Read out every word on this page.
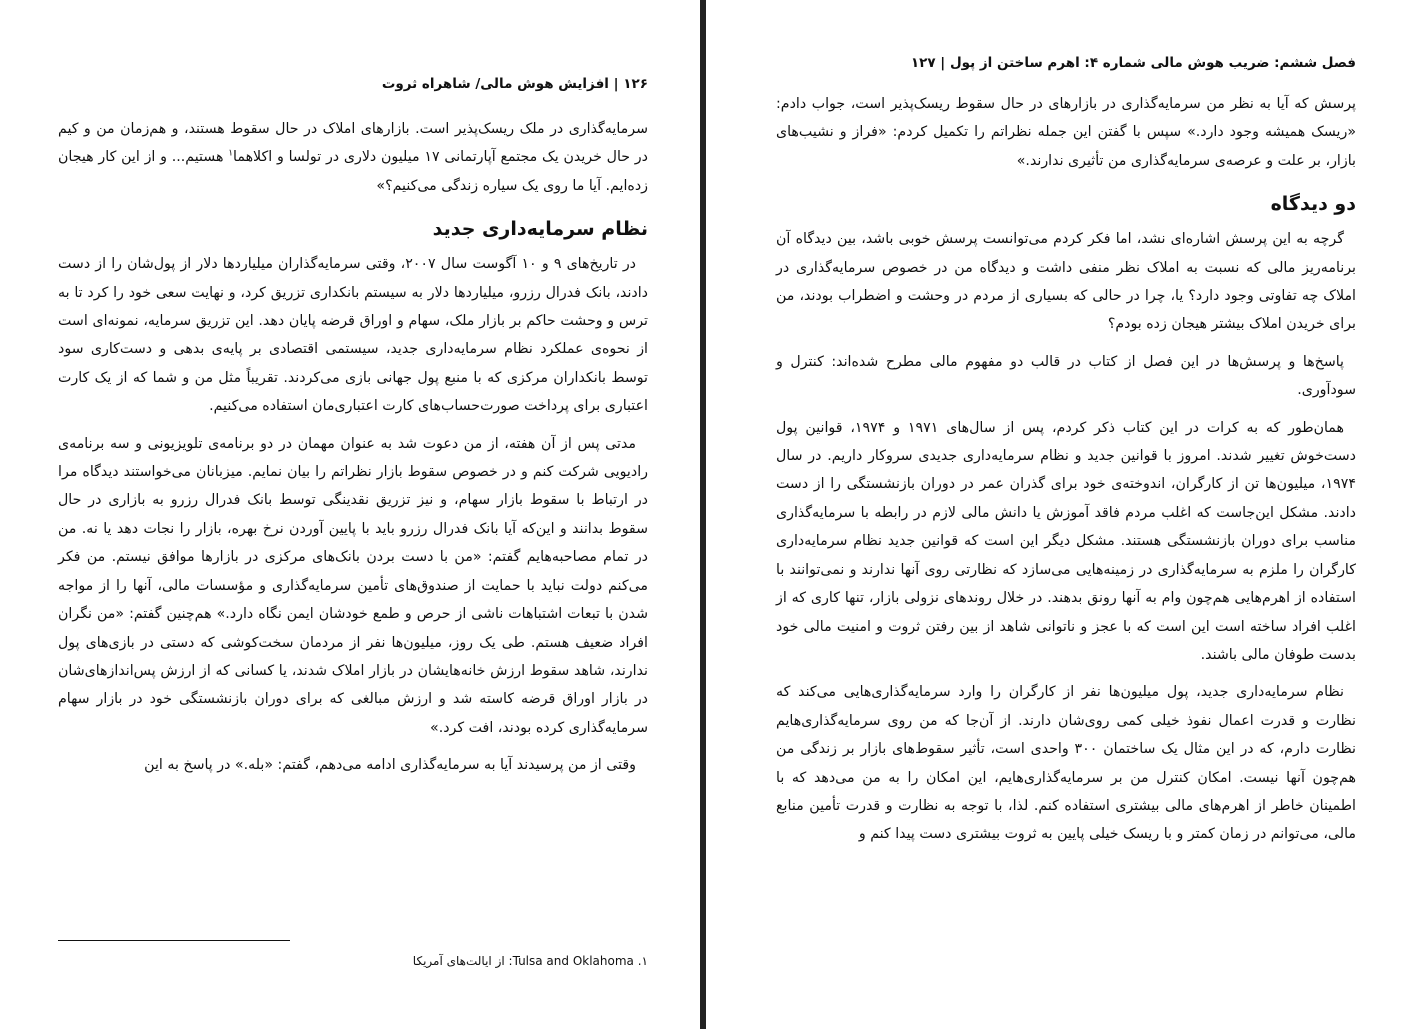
۱۲۶ | افزایش هوش مالی/ شاهراه ثروت

سرمایه‌گذاری در ملک ریسک‌پذیر است. بازارهای املاک در حال سقوط هستند، و هم‌زمان من و کیم در حال خریدن یک مجتمع آپارتمانی ۱۷ میلیون دلاری در تولسا و اکلاهما$^۱$ هستیم... و از این کار هیجان زده‌ایم. آیا ما روی یک سیاره زندگی می‌کنیم؟»

نظام سرمایه‌داری جدید

در تاریخ‌های ۹ و ۱۰ آگوست سال ۲۰۰۷، وقتی سرمایه‌گذاران میلیاردها دلار از پول‌شان را از دست دادند، بانک فدرال رزرو، میلیاردها دلار به سیستم بانکداری تزریق کرد، و نهایت سعی خود را کرد تا به ترس و وحشت حاکم بر بازار ملک، سهام و اوراق قرضه پایان دهد. این تزریق سرمایه، نمونه‌ای است از نحوه‌ی عملکرد نظام سرمایه‌داری جدید، سیستمی اقتصادی بر پایه‌ی بدهی و دست‌کاری سود توسط بانکداران مرکزی که با منبع پول جهانی بازی می‌کردند. تقریباً مثل من و شما که از یک کارت اعتباری برای پرداخت صورت‌حساب‌های کارت اعتباری‌مان استفاده می‌کنیم.

مدتی پس از آن هفته، از من دعوت شد به عنوان مهمان در دو برنامه‌ی تلویزیونی و سه برنامه‌ی رادیویی شرکت کنم و در خصوص سقوط بازار نظراتم را بیان نمایم. میزبانان می‌خواستند دیدگاه مرا در ارتباط با سقوط بازار سهام، و نیز تزریق نقدینگی توسط بانک فدرال رزرو به بازاری در حال سقوط بدانند و این‌که آیا بانک فدرال رزرو باید با پایین آوردن نرخ بهره، بازار را نجات دهد یا نه. من در تمام مصاحبه‌هایم گفتم: «من با دست بردن بانک‌های مرکزی در بازارها موافق نیستم. من فکر می‌کنم دولت نباید با حمایت از صندوق‌های تأمین سرمایه‌گذاری و مؤسسات مالی، آنها را از مواجه شدن با تبعات اشتباهات ناشی از حرص و طمع خودشان ایمن نگاه دارد.» هم‌چنین گفتم: «من نگران افراد ضعیف هستم. طی یک روز، میلیون‌ها نفر از مردمان سخت‌کوشی که دستی در بازی‌های پول ندارند، شاهد سقوط ارزش خانه‌هایشان در بازار املاک شدند، یا کسانی که از ارزش پس‌اندازهای‌شان در بازار اوراق قرضه کاسته شد و ارزش مبالغی که برای دوران بازنشستگی خود در بازار سهام سرمایه‌گذاری کرده بودند، افت کرد.»

وقتی از من پرسیدند آیا به سرمایه‌گذاری ادامه می‌دهم، گفتم: «بله.» در پاسخ به این

۱. Tulsa and Oklahoma: از ایالت‌های آمریکا
فصل ششم: ضریب هوش مالی شماره ۴: اهرم ساختن از پول | ۱۲۷

پرسش که آیا به نظر من سرمایه‌گذاری در بازارهای در حال سقوط ریسک‌پذیر است، جواب دادم: «ریسک همیشه وجود دارد.» سپس با گفتن این جمله نظراتم را تکمیل کردم: «فراز و نشیب‌های بازار، بر علت و عرصه‌ی سرمایه‌گذاری من تأثیری ندارند.»

دو دیدگاه

گرچه به این پرسش اشاره‌ای نشد، اما فکر کردم می‌توانست پرسش خوبی باشد، بین دیدگاه آن برنامه‌ریز مالی که نسبت به املاک نظر منفی داشت و دیدگاه من در خصوص سرمایه‌گذاری در املاک چه تفاوتی وجود دارد؟ یا، چرا در حالی که بسیاری از مردم در وحشت و اضطراب بودند، من برای خریدن املاک بیشتر هیجان زده بودم؟

پاسخ‌ها و پرسش‌ها در این فصل از کتاب در قالب دو مفهوم مالی مطرح شده‌اند: کنترل و سودآوری.

همان‌طور که به کرات در این کتاب ذکر کردم، پس از سال‌های ۱۹۷۱ و ۱۹۷۴، قوانین پول دست‌خوش تغییر شدند. امروز با قوانین جدید و نظام سرمایه‌داری جدیدی سروکار داریم. در سال ۱۹۷۴، میلیون‌ها تن از کارگران، اندوخته‌ی خود برای گذران عمر در دوران بازنشستگی را از دست دادند. مشکل این‌جاست که اغلب مردم فاقد آموزش یا دانش مالی لازم در رابطه با سرمایه‌گذاری مناسب برای دوران بازنشستگی هستند. مشکل دیگر این است که قوانین جدید نظام سرمایه‌داری کارگران را ملزم به سرمایه‌گذاری در زمینه‌هایی می‌سازد که نظارتی روی آنها ندارند و نمی‌توانند با استفاده از اهرم‌هایی هم‌چون وام به آنها رونق بدهند. در خلال روندهای نزولی بازار، تنها کاری که از اغلب افراد ساخته است این است که با عجز و ناتوانی شاهد از بین رفتن ثروت و امنیت مالی خود بدست طوفان مالی باشند.

نظام سرمایه‌داری جدید، پول میلیون‌ها نفر از کارگران را وارد سرمایه‌گذاری‌هایی می‌کند که نظارت و قدرت اعمال نفوذ خیلی کمی روی‌شان دارند. از آن‌جا که من روی سرمایه‌گذاری‌هایم نظارت دارم، که در این مثال یک ساختمان ۳۰۰ واحدی است، تأثیر سقوط‌های بازار بر زندگی من هم‌چون آنها نیست. امکان کنترل من بر سرمایه‌گذاری‌هایم، این امکان را به من می‌دهد که با اطمینان خاطر از اهرم‌های مالی بیشتری استفاده کنم. لذا، با توجه به نظارت و قدرت تأمین منابع مالی، می‌توانم در زمان کمتر و با ریسک خیلی پایین به ثروت بیشتری دست پیدا کنم و
